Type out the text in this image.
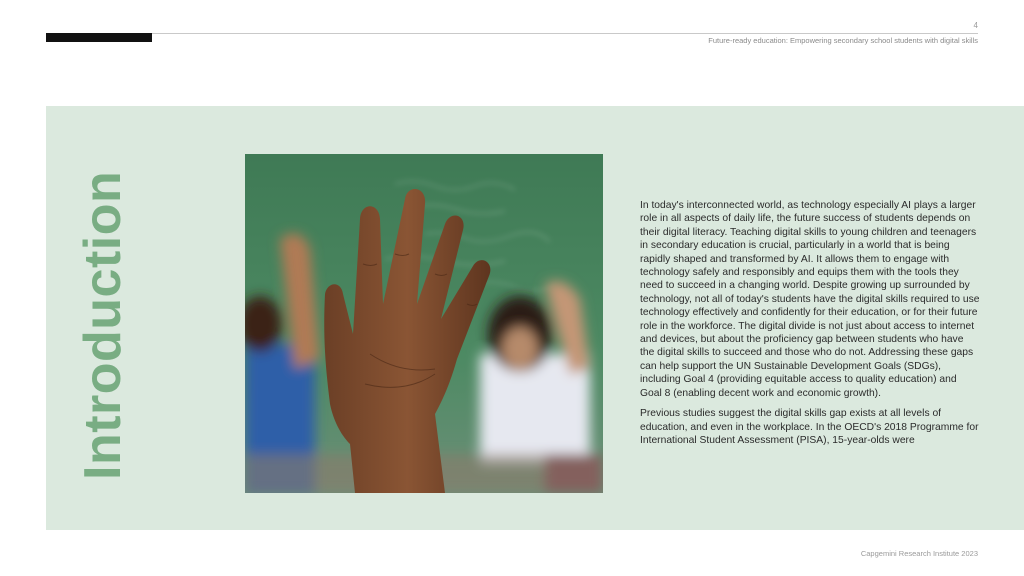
4
Future-ready education: Empowering secondary school students with digital skills
Introduction	In today's interconnected world, as technology especially AI plays a larger role in all aspects of daily life, the future success of students depends on their digital literacy. Teaching digital skills to young children and teenagers in secondary education is crucial, particularly in a world that is being rapidly shaped and transformed by AI. It allows them to engage with technology safely and responsibly and equips them with the tools they need to succeed in a changing world. Despite growing up surrounded by technology, not all of today's students have the digital skills required to use technology effectively and confidently for their education, or for their future role in the workforce. The digital divide is not just about access to internet and devices, but about the proficiency gap between students who have the digital skills to succeed and those who do not. Addressing these gaps can help support the UN Sustainable Development Goals (SDGs), including Goal 4 (providing equitable access to quality education) and Goal 8 (enabling decent work and economic growth).

Previous studies suggest the digital skills gap exists at all levels of education, and even in the workplace. In the OECD's 2018 Programme for International Student Assessment (PISA), 15-year-olds were

Capgemini Research Institute 2023
